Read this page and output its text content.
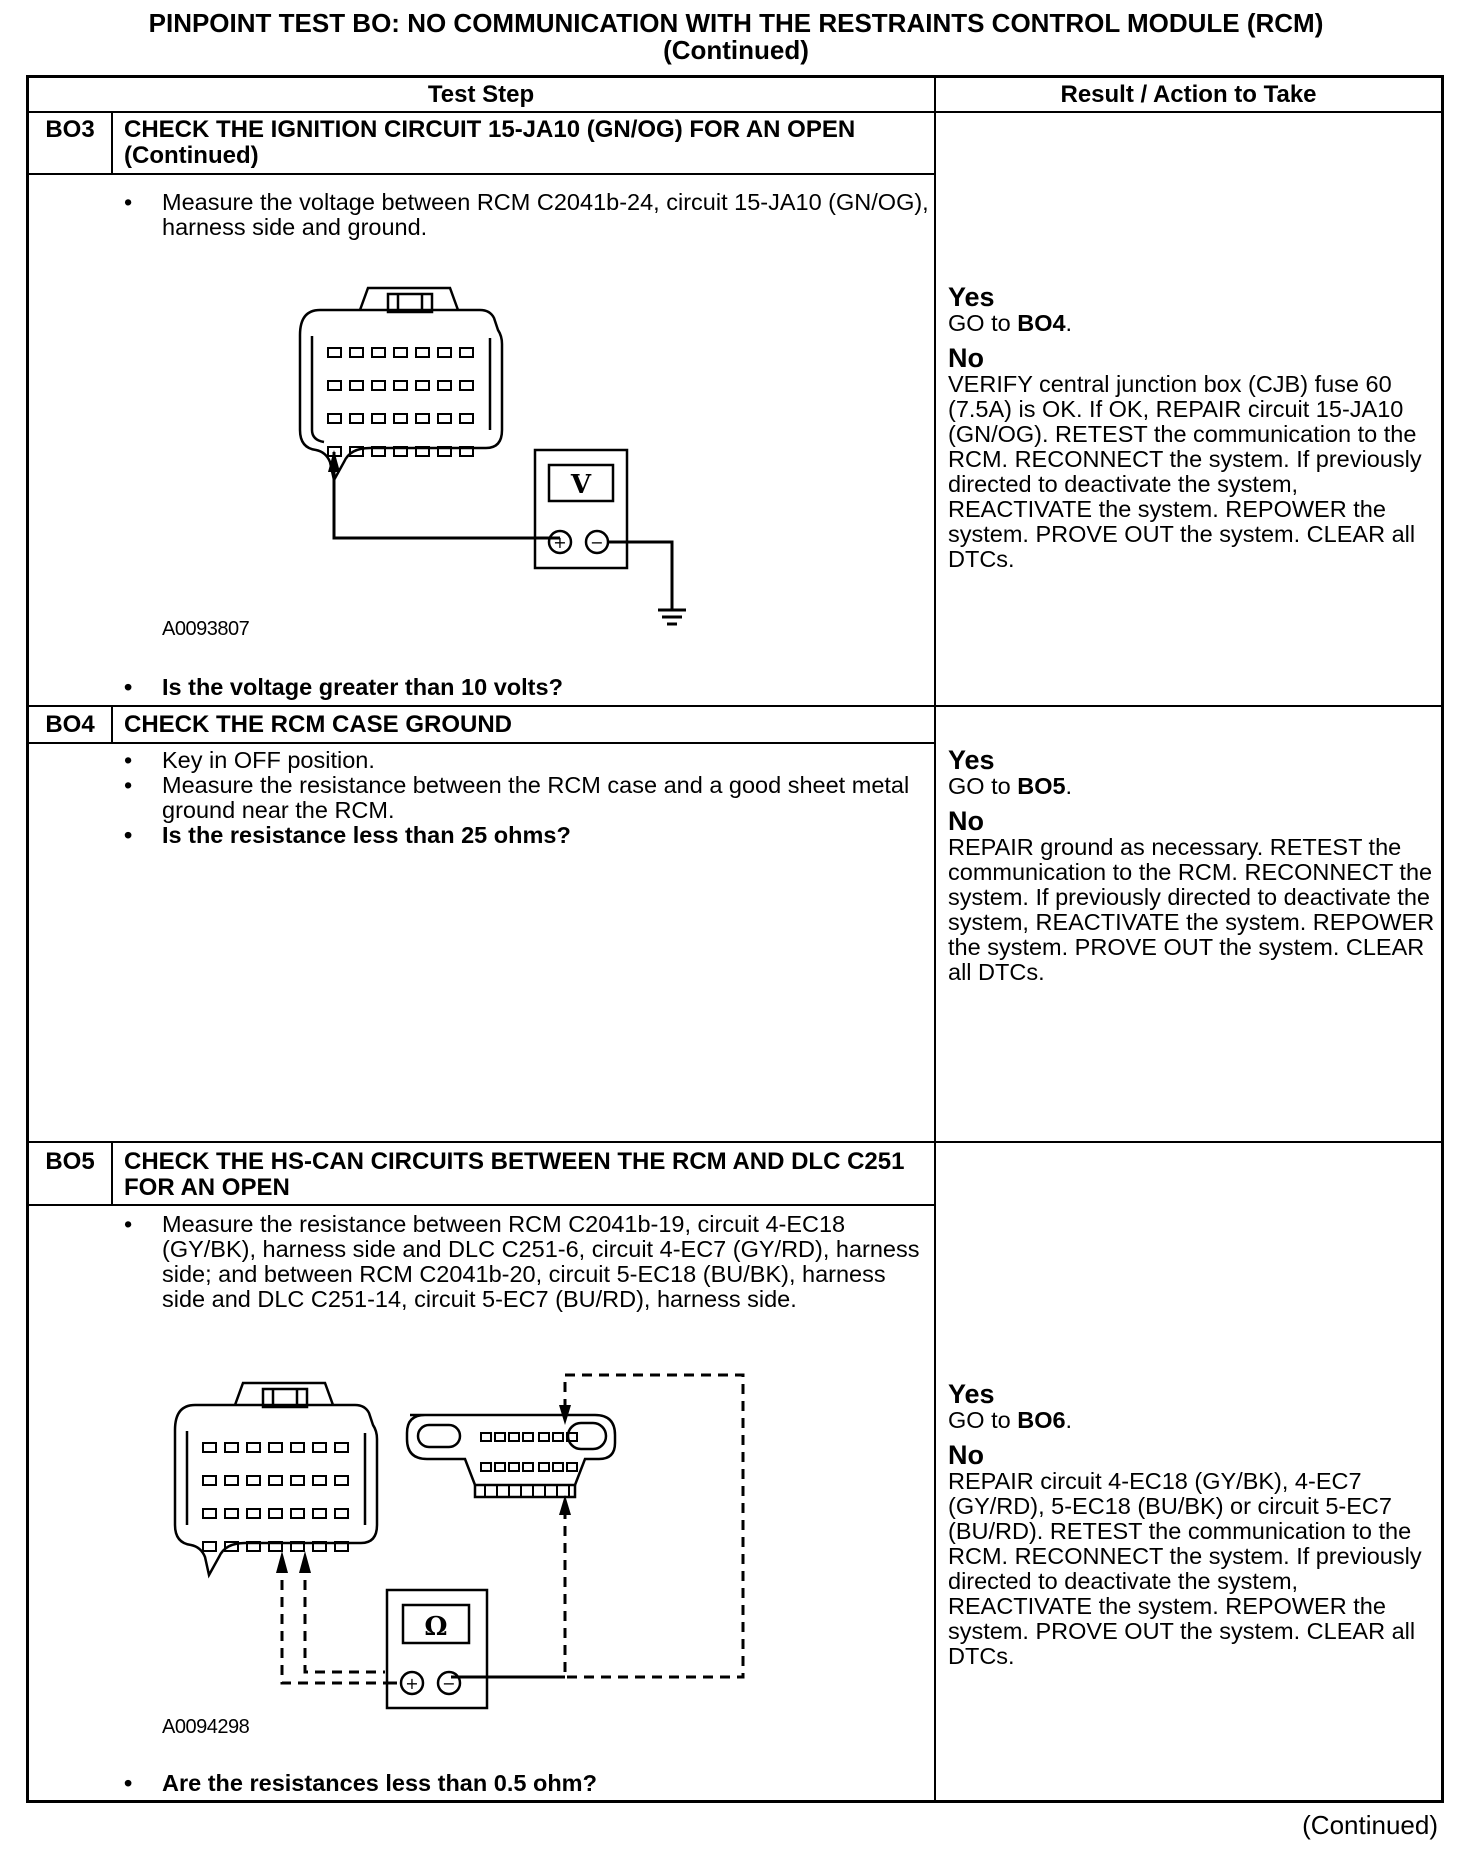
PINPOINT TEST BO: NO COMMUNICATION WITH THE RESTRAINTS CONTROL MODULE (RCM)
(Continued)
Test Step	Result / Action to Take
BO3	CHECK THE IGNITION CIRCUIT 15-JA10 (GN/OG) FOR AN OPEN (Continued)
• Measure the voltage between RCM C2041b-24, circuit 15-JA10 (GN/OG), harness side and ground.
V
+ −
A0093807
• Is the voltage greater than 10 volts?
Yes
GO to BO4.
No
VERIFY central junction box (CJB) fuse 60 (7.5A) is OK. If OK, REPAIR circuit 15-JA10 (GN/OG). RETEST the communication to the RCM. RECONNECT the system. If previously directed to deactivate the system, REACTIVATE the system. REPOWER the system. PROVE OUT the system. CLEAR all DTCs.
BO4	CHECK THE RCM CASE GROUND
• Key in OFF position.
• Measure the resistance between the RCM case and a good sheet metal ground near the RCM.
• Is the resistance less than 25 ohms?
Yes
GO to BO5.
No
REPAIR ground as necessary. RETEST the communication to the RCM. RECONNECT the system. If previously directed to deactivate the system, REACTIVATE the system. REPOWER the system. PROVE OUT the system. CLEAR all DTCs.
BO5	CHECK THE HS-CAN CIRCUITS BETWEEN THE RCM AND DLC C251 FOR AN OPEN
• Measure the resistance between RCM C2041b-19, circuit 4-EC18 (GY/BK), harness side and DLC C251-6, circuit 4-EC7 (GY/RD), harness side; and between RCM C2041b-20, circuit 5-EC18 (BU/BK), harness side and DLC C251-14, circuit 5-EC7 (BU/RD), harness side.
Ω
+ −
A0094298
• Are the resistances less than 0.5 ohm?
Yes
GO to BO6.
No
REPAIR circuit 4-EC18 (GY/BK), 4-EC7 (GY/RD), 5-EC18 (BU/BK) or circuit 5-EC7 (BU/RD). RETEST the communication to the RCM. RECONNECT the system. If previously directed to deactivate the system, REACTIVATE the system. REPOWER the system. PROVE OUT the system. CLEAR all DTCs.
(Continued)
